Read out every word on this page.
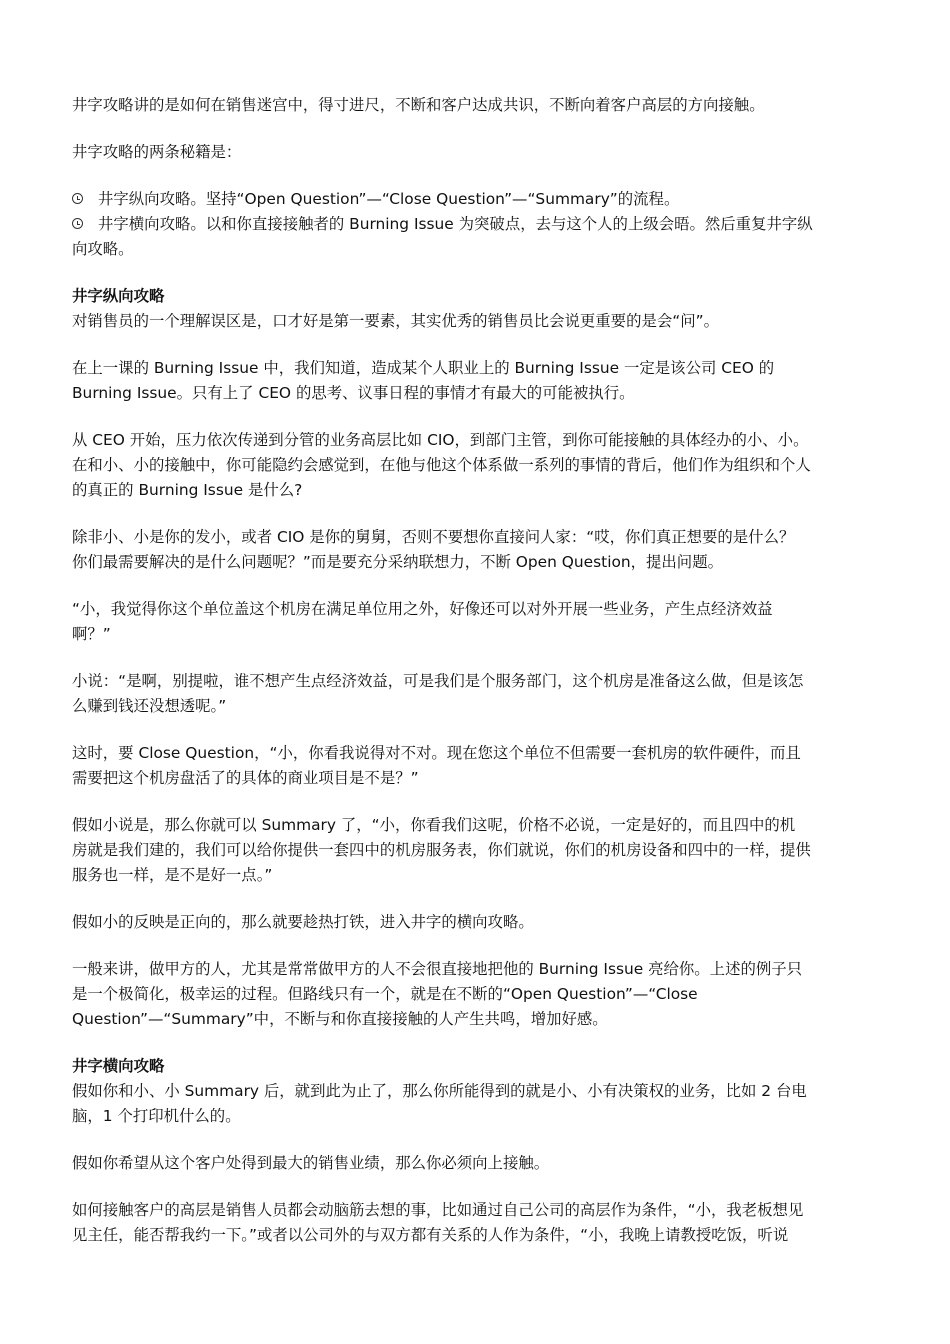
井字攻略讲的是如何在销售迷宫中，得寸进尺，不断和客户达成共识，不断向着客户高层的方向接触。

井字攻略的两条秘籍是：

井字纵向攻略。坚持“Open Question”—“Close Question”—“Summary”的流程。
井字横向攻略。以和你直接接触者的 Burning Issue 为突破点，去与这个人的上级会晤。然后重复井字纵

向攻略。

井字纵向攻略

对销售员的一个理解误区是，口才好是第一要素，其实优秀的销售员比会说更重要的是会“问”。

在上一课的 Burning Issue 中，我们知道，造成某个人职业上的 Burning Issue 一定是该公司 CEO 的

Burning Issue。只有上了 CEO 的思考、议事日程的事情才有最大的可能被执行。

从 CEO 开始，压力依次传递到分管的业务高层比如 CIO，到部门主管，到你可能接触的具体经办的小、小。

在和小、小的接触中，你可能隐约会感觉到，在他与他这个体系做一系列的事情的背后，他们作为组织和个人

的真正的 Burning Issue 是什么?

除非小、小是你的发小，或者 CIO 是你的舅舅，否则不要想你直接问人家：“哎，你们真正想要的是什么？

你们最需要解决的是什么问题呢？”而是要充分采纳联想力，不断 Open Question，提出问题。

“小，我觉得你这个单位盖这个机房在满足单位用之外，好像还可以对外开展一些业务，产生点经济效益

啊？”

小说：“是啊，别提啦，谁不想产生点经济效益，可是我们是个服务部门，这个机房是准备这么做，但是该怎

么赚到钱还没想透呢。”

这时，要 Close Question，“小，你看我说得对不对。现在您这个单位不但需要一套机房的软件硬件，而且

需要把这个机房盘活了的具体的商业项目是不是？”

假如小说是，那么你就可以 Summary 了，“小，你看我们这呢，价格不必说，一定是好的，而且四中的机

房就是我们建的，我们可以给你提供一套四中的机房服务表，你们就说，你们的机房设备和四中的一样，提供

服务也一样，是不是好一点。”

假如小的反映是正向的，那么就要趁热打铁，进入井字的横向攻略。

一般来讲，做甲方的人，尤其是常常做甲方的人不会很直接地把他的 Burning Issue 亮给你。上述的例子只

是一个极简化，极幸运的过程。但路线只有一个，就是在不断的“Open Question”—“Close

Question”—“Summary”中，不断与和你直接接触的人产生共鸣，增加好感。

井字横向攻略

假如你和小、小 Summary 后，就到此为止了，那么你所能得到的就是小、小有决策权的业务，比如 2 台电

脑，1 个打印机什么的。

假如你希望从这个客户处得到最大的销售业绩，那么你必须向上接触。

如何接触客户的高层是销售人员都会动脑筋去想的事，比如通过自己公司的高层作为条件，“小，我老板想见

见主任，能否帮我约一下。”或者以公司外的与双方都有关系的人作为条件，“小，我晚上请教授吃饭，听说
